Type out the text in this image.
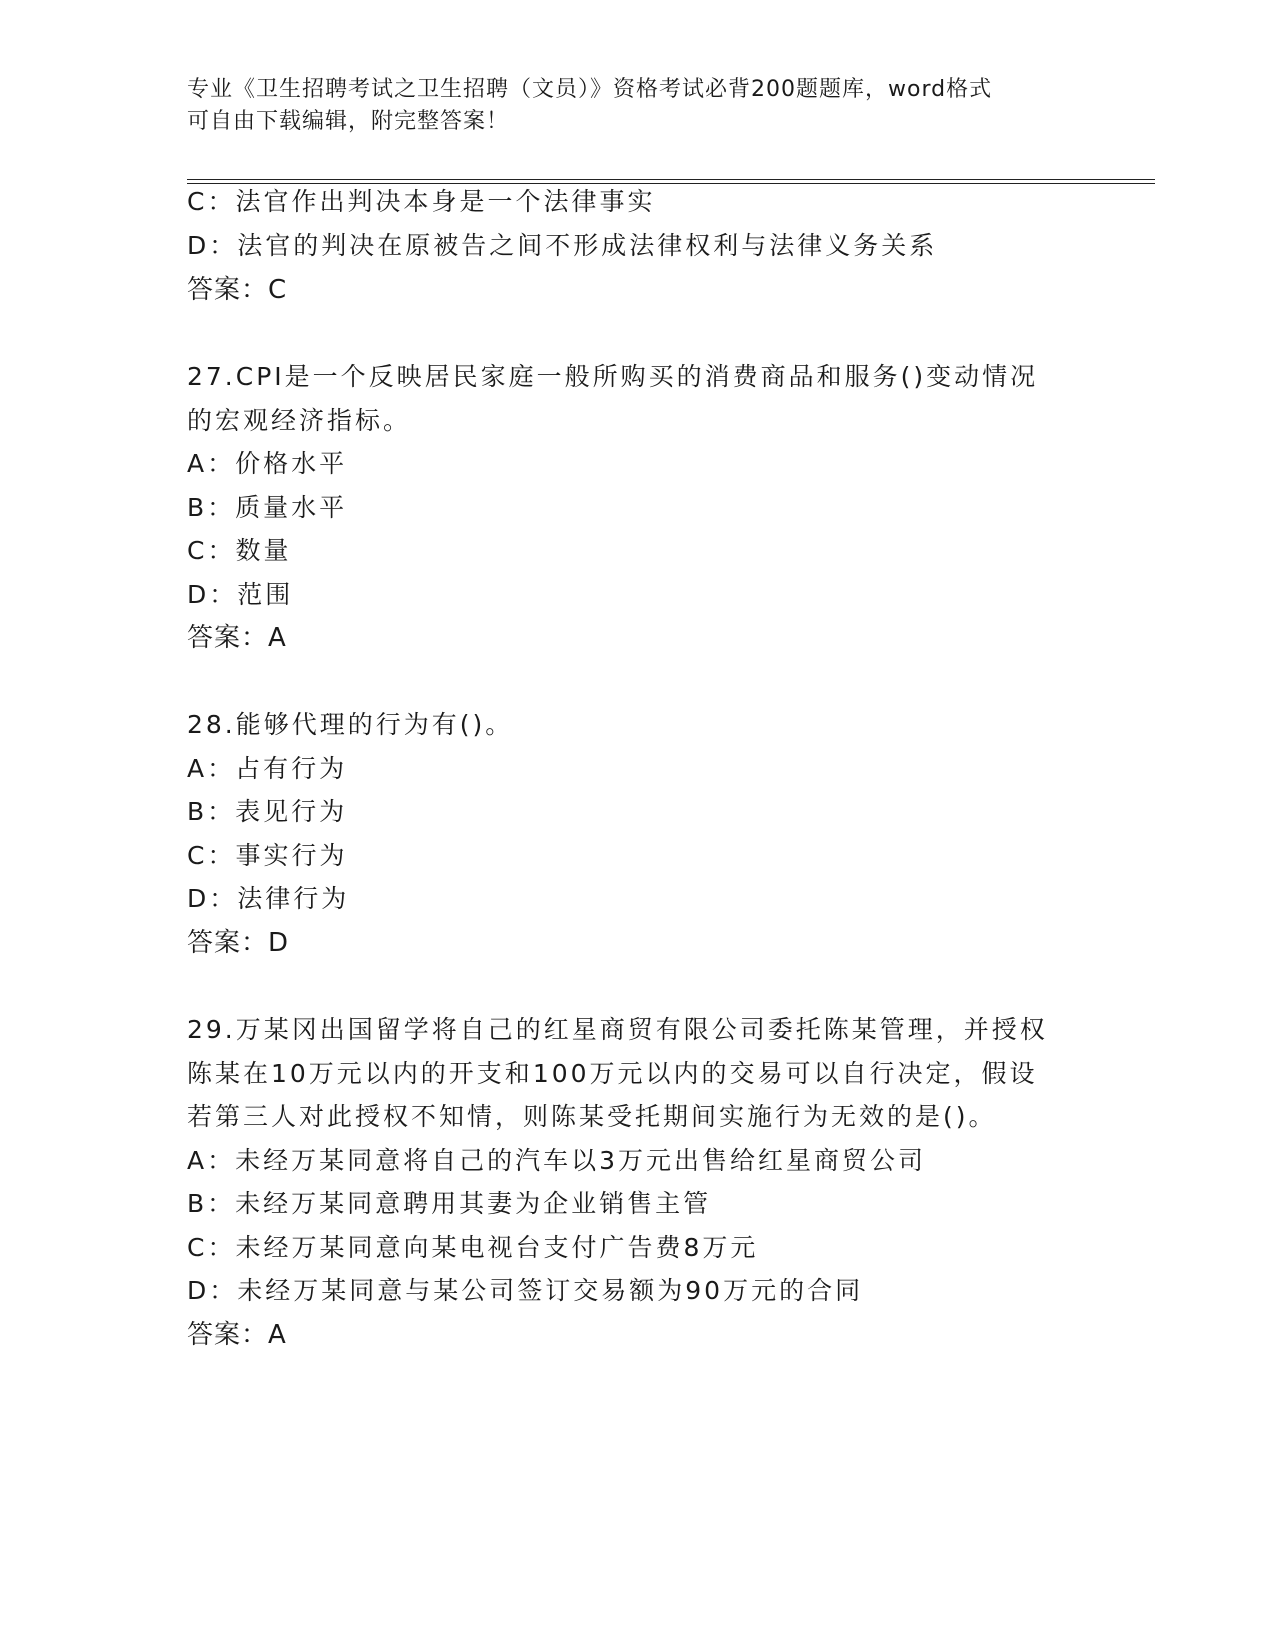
专业《卫生招聘考试之卫生招聘（文员）》资格考试必背200题题库，word格式
可自由下载编辑，附完整答案！
C：法官作出判决本身是一个法律事实
D：法官的判决在原被告之间不形成法律权利与法律义务关系
答案：C
27.CPI是一个反映居民家庭一般所购买的消费商品和服务()变动情况
的宏观经济指标。
A：价格水平
B：质量水平
C：数量
D：范围
答案：A
28.能够代理的行为有()。
A：占有行为
B：表见行为
C：事实行为
D：法律行为
答案：D
29.万某冈出国留学将自己的红星商贸有限公司委托陈某管理，并授权
陈某在10万元以内的开支和100万元以内的交易可以自行决定，假设
若第三人对此授权不知情，则陈某受托期间实施行为无效的是()。
A：未经万某同意将自己的汽车以3万元出售给红星商贸公司
B：未经万某同意聘用其妻为企业销售主管
C：未经万某同意向某电视台支付广告费8万元
D：未经万某同意与某公司签订交易额为90万元的合同
答案：A
